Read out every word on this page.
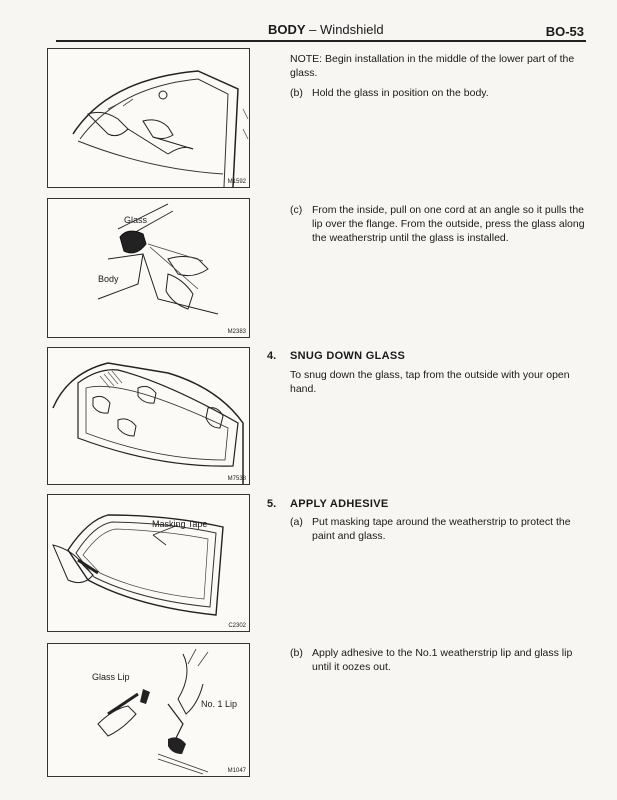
BODY – Windshield	BO-53
M1592
Glass
Body
M2383
M7538
Masking Tape
C2302
Glass Lip
No. 1 Lip
M1047

NOTE: Begin installation in the middle of the lower part of the glass.

(b) Hold the glass in position on the body.
(c) From the inside, pull on one cord at an angle so it pulls the lip over the flange. From the outside, press the glass along the weatherstrip until the glass is installed.
4. SNUG DOWN GLASS

To snug down the glass, tap from the outside with your open hand.

5. APPLY ADHESIVE
(a) Put masking tape around the weatherstrip to protect the paint and glass.
(b) Apply adhesive to the No.1 weatherstrip lip and glass lip until it oozes out.
